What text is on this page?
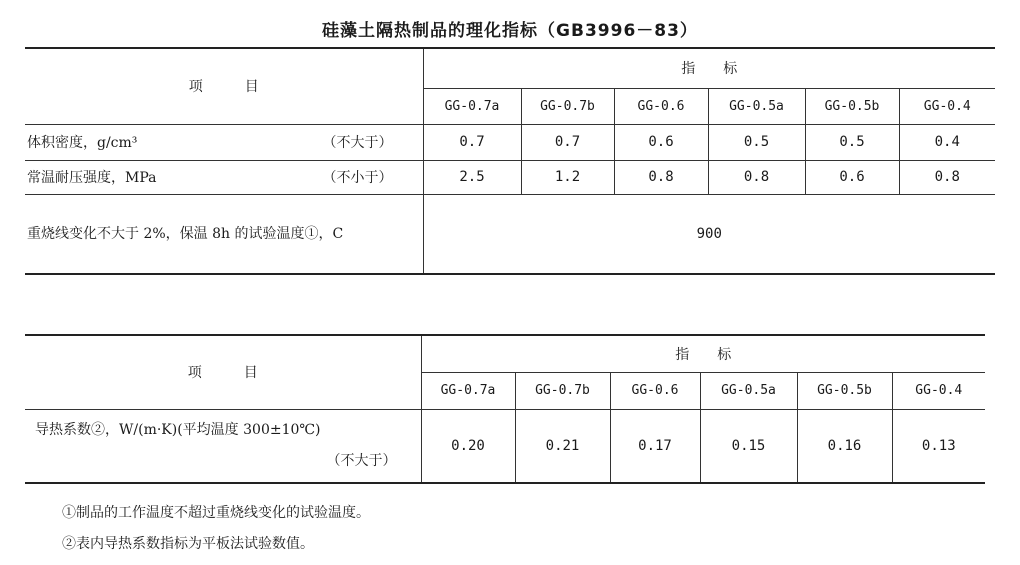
硅藻土隔热制品的理化指标（GB3996－83）
项　　　目	指　　标					
	GG-0.7a	GG-0.7b	GG-0.6	GG-0.5a	GG-0.5b	GG-0.4

体积密度，g/cm³ （不大于）	0.7	0.7	0.6	0.5	0.5	0.4

常温耐压强度，MPa （不小于）	2.5	1.2	0.8	0.8	0.6	0.8
重烧线变化不大于 2%，保温 8h 的试验温度①，C	900					
项　　　目	指　　标					
	GG-0.7a	GG-0.7b	GG-0.6	GG-0.5a	GG-0.5b	GG-0.4

导热系数②，W/(m·K)(平均温度 300±10℃)
（不大于）	0.20	0.21	0.17	0.15	0.16	0.13
①制品的工作温度不超过重烧线变化的试验温度。
②表内导热系数指标为平板法试验数值。
